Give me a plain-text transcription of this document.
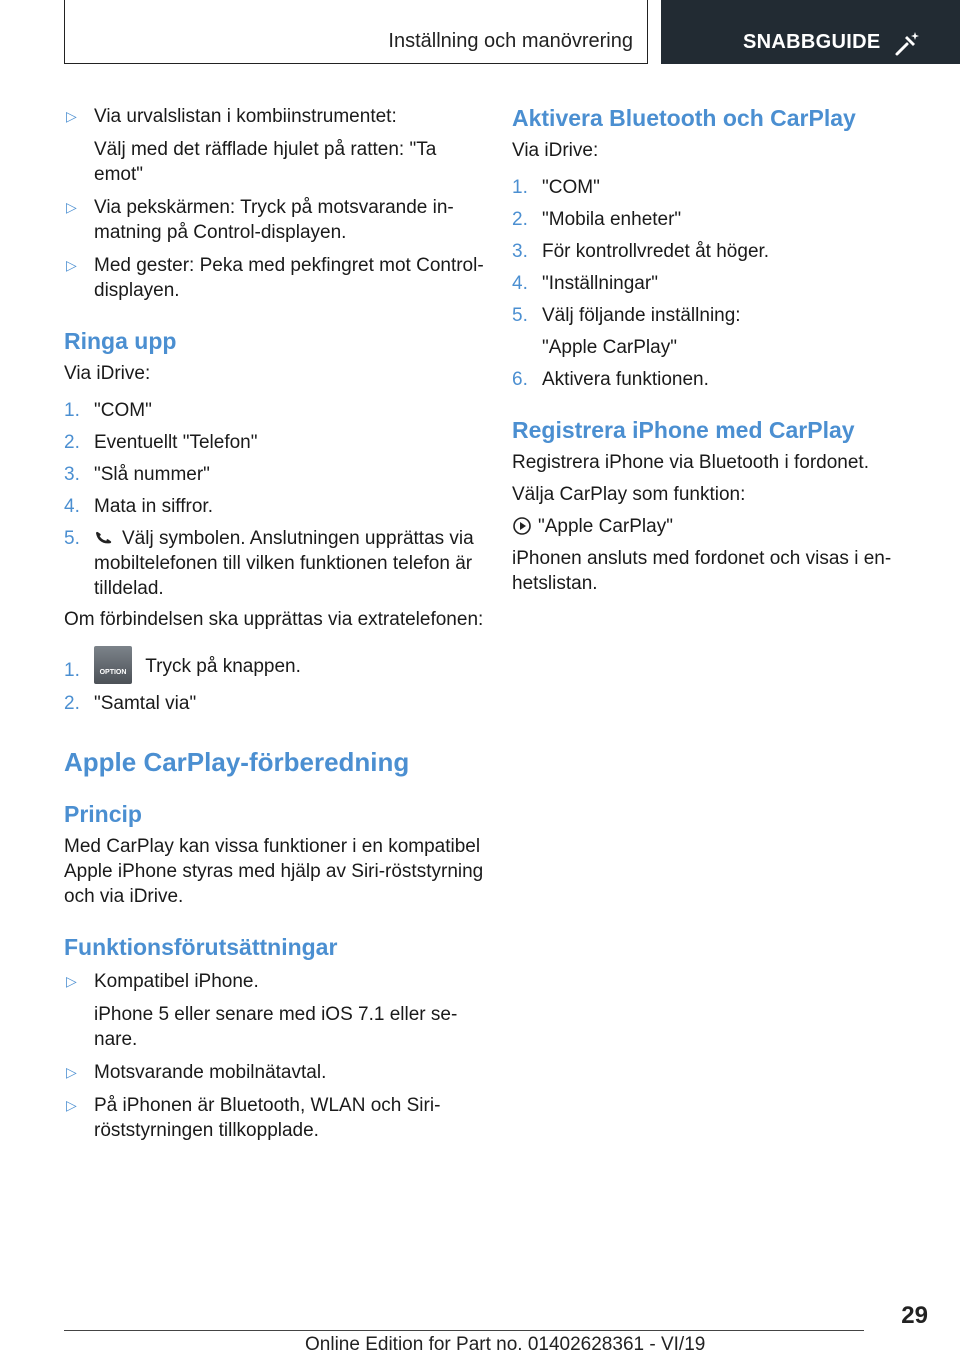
Inställning och manövrering	SNABBGUIDE
▷ Via urvalslistan i kombiinstrumentet:
Välj med det räfflade hjulet på ratten: "Ta emot"
▷ Via pekskärmen: Tryck på motsvarande inmatning på Control-displayen.
▷ Med gester: Peka med pekfingret mot Control-displayen.
Ringa upp
Via iDrive:
1. "COM"
2. Eventuellt "Telefon"
3. "Slå nummer"
4. Mata in siffror.
5. Välj symbolen. Anslutningen upprättas via mobiltelefonen till vilken funktionen telefon är tilldelad.
Om förbindelsen ska upprättas via extratelefonen:
1.	OPTION Tryck på knappen.
2. "Samtal via"
Apple CarPlay-förberedning
Princip
Med CarPlay kan vissa funktioner i en kompatibel Apple iPhone styras med hjälp av Siri-röststyrning och via iDrive.
Funktionsförutsättningar
▷ Kompatibel iPhone.
iPhone 5 eller senare med iOS 7.1 eller senare.
▷ Motsvarande mobilnätavtal.
▷ På iPhonen är Bluetooth, WLAN och Siri-röststyrningen tillkopplade.
Aktivera Bluetooth och CarPlay
Via iDrive:
1. "COM"
2. "Mobila enheter"
3. För kontrollvredet åt höger.
4. "Inställningar"
5. Välj följande inställning:
"Apple CarPlay"
6. Aktivera funktionen.
Registrera iPhone med CarPlay
Registrera iPhone via Bluetooth i fordonet.
Välja CarPlay som funktion:
"Apple CarPlay"
iPhonen ansluts med fordonet och visas i enhetslistan.
29
Online Edition for Part no. 01402628361 - VI/19
